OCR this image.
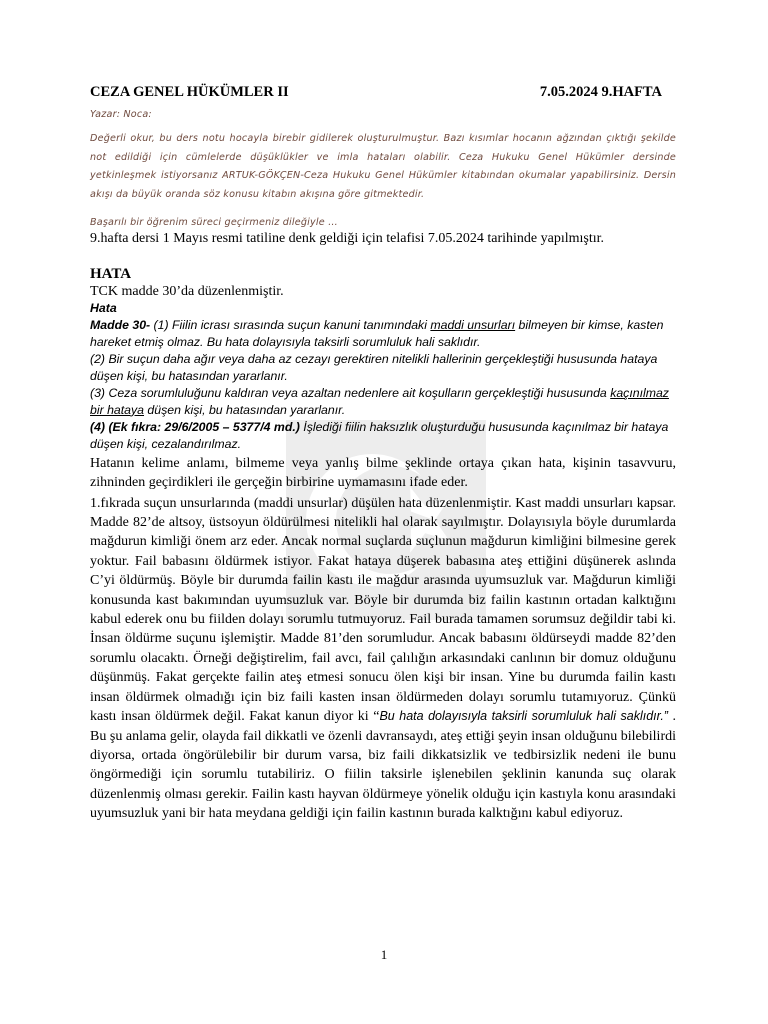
CEZA GENEL HÜKÜMLER II	7.05.2024 9.HAFTA
Yazar: Noca:
Değerli okur, bu ders notu hocayla birebir gidilerek oluşturulmuştur. Bazı kısımlar hocanın ağzından çıktığı şekilde not edildiği için cümlelerde düşüklükler ve imla hataları olabilir. Ceza Hukuku Genel Hükümler dersinde yetkinleşmek istiyorsanız ARTUK-GÖKÇEN-Ceza Hukuku Genel Hükümler kitabından okumalar yapabilirsiniz. Dersin akışı da büyük oranda söz konusu kitabın akışına göre gitmektedir.
Başarılı bir öğrenim süreci geçirmeniz dileğiyle …
9.hafta dersi 1 Mayıs resmi tatiline denk geldiği için telafisi 7.05.2024 tarihinde yapılmıştır.
HATA
TCK madde 30’da düzenlenmiştir.
Hata
Madde 30- (1) Fiilin icrası sırasında suçun kanuni tanımındaki maddi unsurları bilmeyen bir kimse, kasten hareket etmiş olmaz. Bu hata dolayısıyla taksirli sorumluluk hali saklıdır.
(2) Bir suçun daha ağır veya daha az cezayı gerektiren nitelikli hallerinin gerçekleştiği hususunda hataya düşen kişi, bu hatasından yararlanır.
(3) Ceza sorumluluğunu kaldıran veya azaltan nedenlere ait koşulların gerçekleştiği hususunda kaçınılmaz bir hataya düşen kişi, bu hatasından yararlanır.
(4) (Ek fıkra: 29/6/2005 – 5377/4 md.) İşlediği fiilin haksızlık oluşturduğu hususunda kaçınılmaz bir hataya düşen kişi, cezalandırılmaz.
Hatanın kelime anlamı, bilmeme veya yanlış bilme şeklinde ortaya çıkan hata, kişinin tasavvuru, zihninden geçirdikleri ile gerçeğin birbirine uymamasını ifade eder.
1.fıkrada suçun unsurlarında (maddi unsurlar) düşülen hata düzenlenmiştir. Kast maddi unsurları kapsar. Madde 82’de altsoy, üstsoyun öldürülmesi nitelikli hal olarak sayılmıştır. Dolayısıyla böyle durumlarda mağdurun kimliği önem arz eder. Ancak normal suçlarda suçlunun mağdurun kimliğini bilmesine gerek yoktur. Fail babasını öldürmek istiyor. Fakat hataya düşerek babasına ateş ettiğini düşünerek aslında C’yi öldürmüş. Böyle bir durumda failin kastı ile mağdur arasında uyumsuzluk var. Mağdurun kimliği konusunda kast bakımından uyumsuzluk var. Böyle bir durumda biz failin kastının ortadan kalktığını kabul ederek onu bu fiilden dolayı sorumlu tutmuyoruz. Fail burada tamamen sorumsuz değildir tabi ki. İnsan öldürme suçunu işlemiştir. Madde 81’den sorumludur. Ancak babasını öldürseydi madde 82’den sorumlu olacaktı. Örneği değiştirelim, fail avcı, fail çalılığın arkasındaki canlının bir domuz olduğunu düşünmüş. Fakat gerçekte failin ateş etmesi sonucu ölen kişi bir insan. Yine bu durumda failin kastı insan öldürmek olmadığı için biz faili kasten insan öldürmeden dolayı sorumlu tutamıyoruz. Çünkü kastı insan öldürmek değil. Fakat kanun diyor ki “Bu hata dolayısıyla taksirli sorumluluk hali saklıdır.” . Bu şu anlama gelir, olayda fail dikkatli ve özenli davransaydı, ateş ettiği şeyin insan olduğunu bilebilirdi diyorsa, ortada öngörülebilir bir durum varsa, biz faili dikkatsizlik ve tedbirsizlik nedeni ile bunu öngörmediği için sorumlu tutabiliriz. O fiilin taksirle işlenebilen şeklinin kanunda suç olarak düzenlenmiş olması gerekir. Failin kastı hayvan öldürmeye yönelik olduğu için kastıyla konu arasındaki uyumsuzluk yani bir hata meydana geldiği için failin kastının burada kalktığını kabul ediyoruz.
1
